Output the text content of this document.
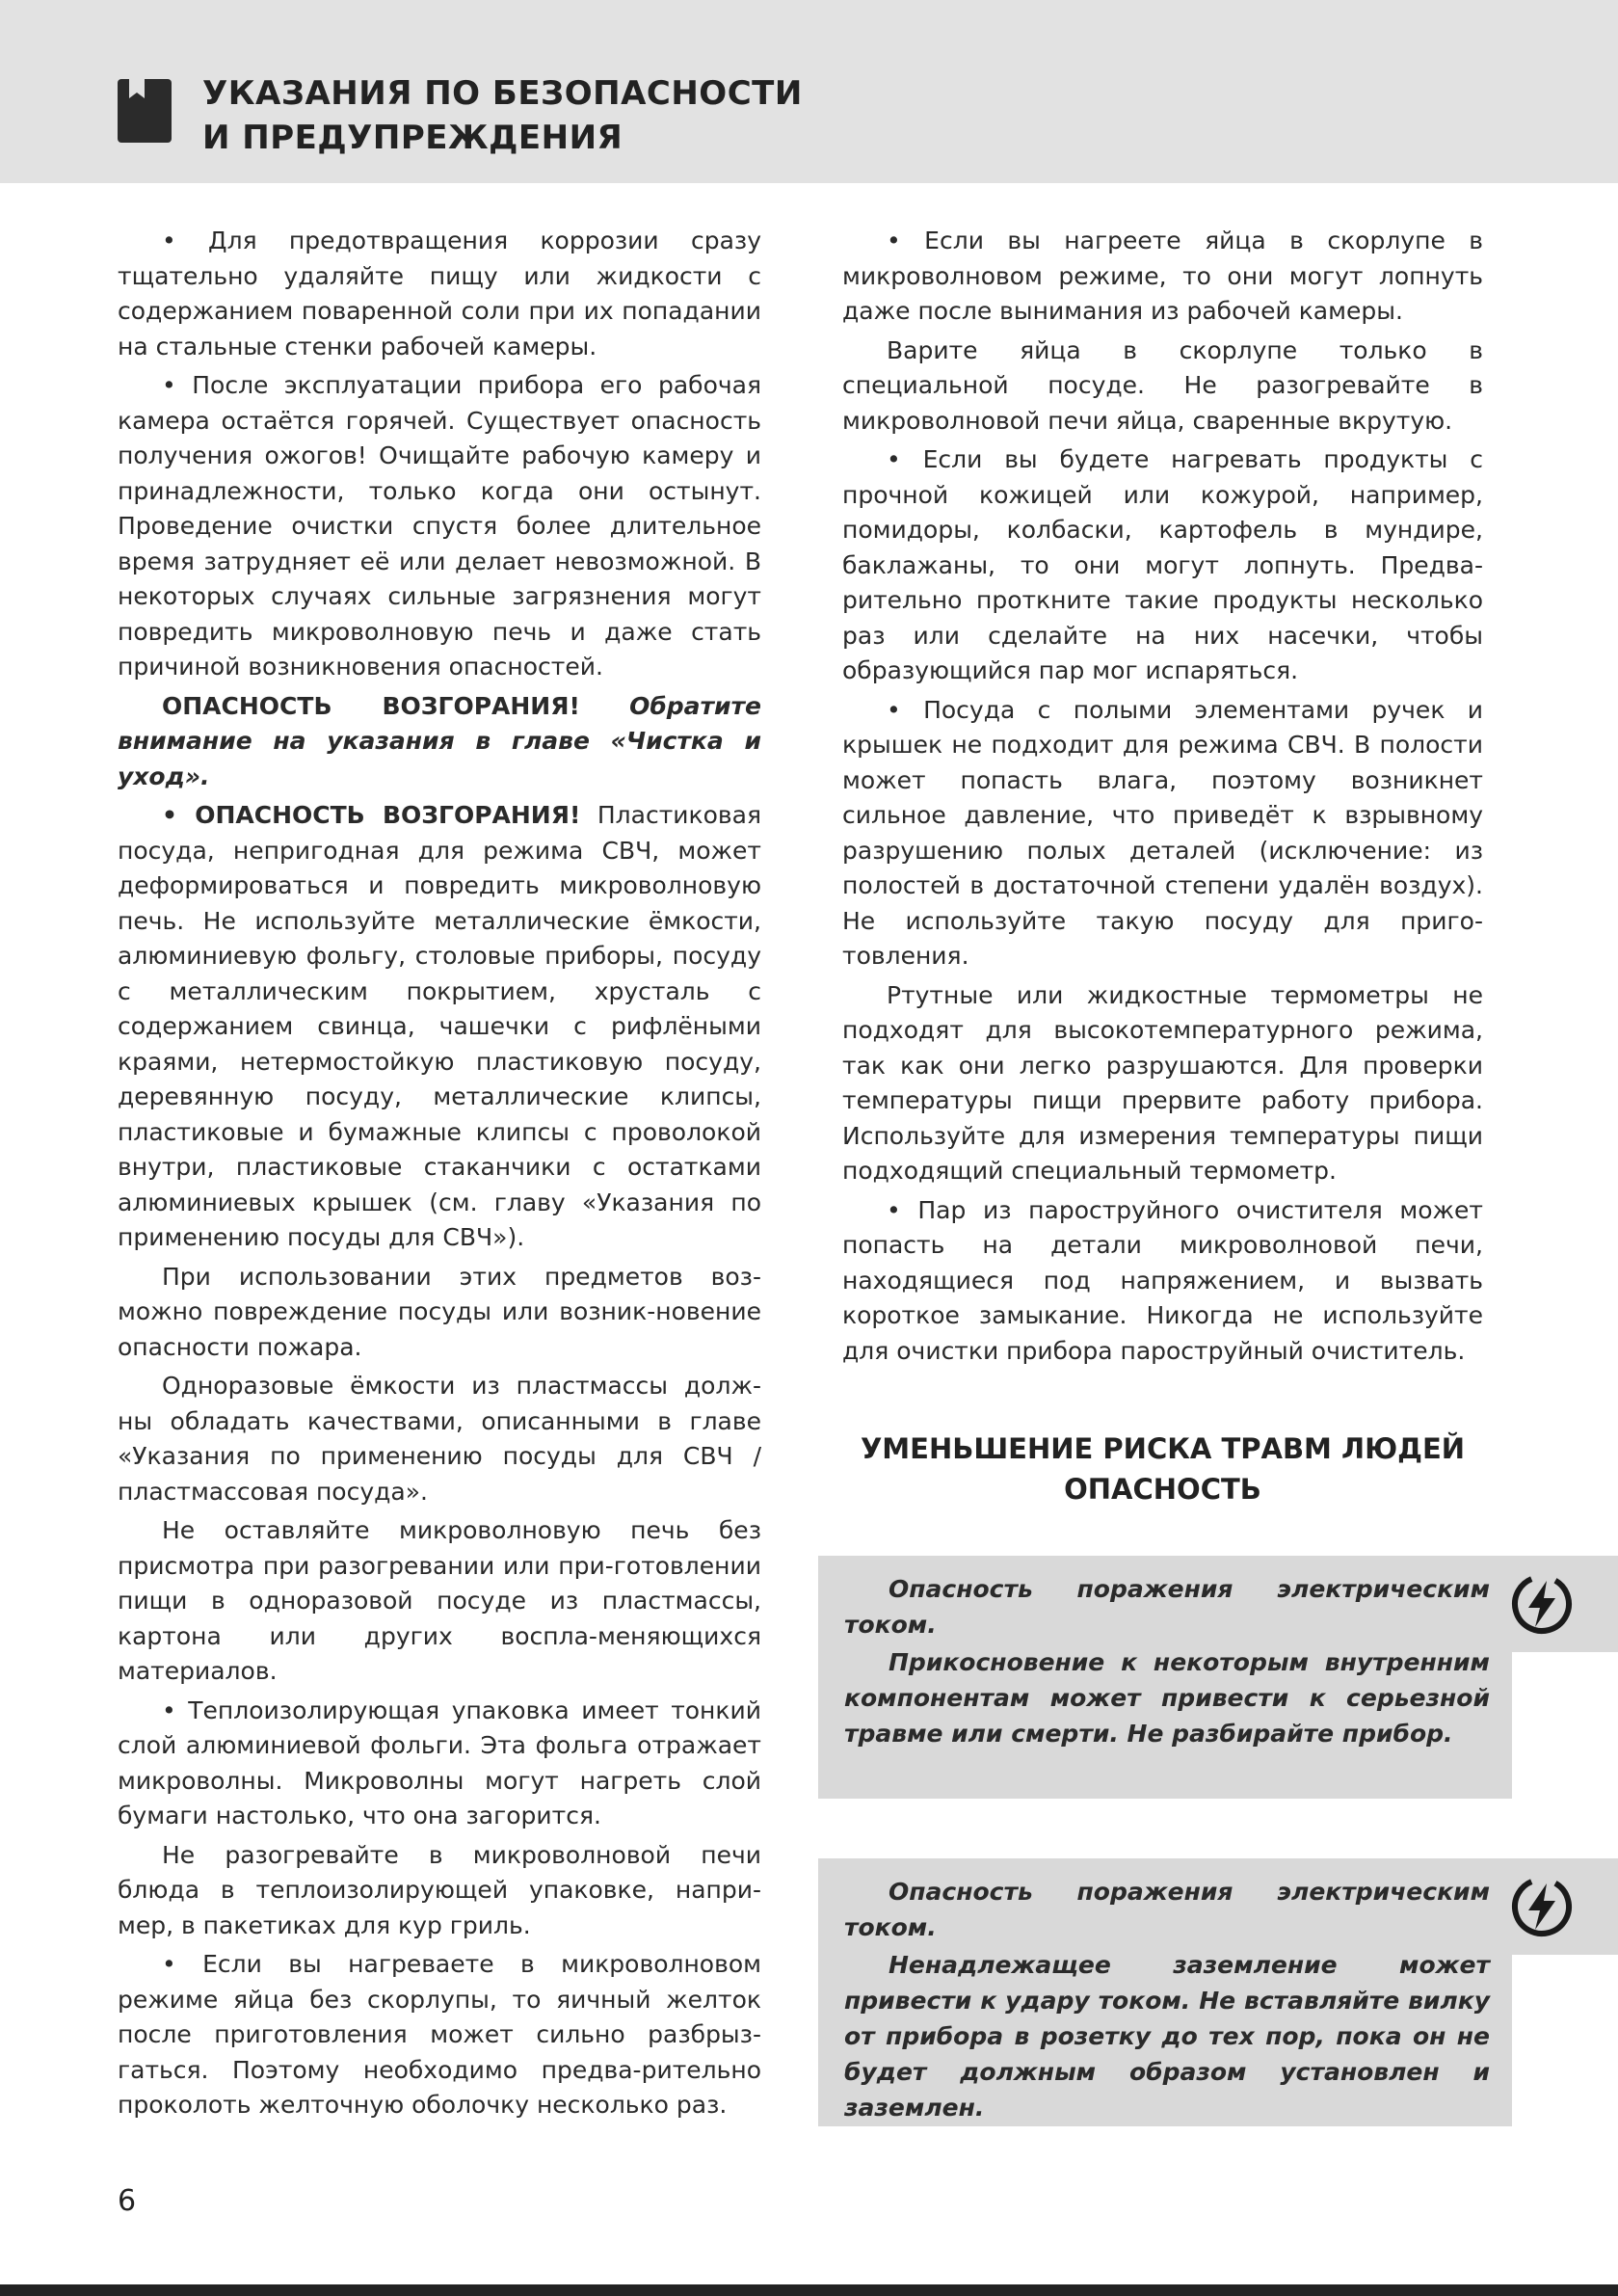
УКАЗАНИЯ ПО БЕЗОПАСНОСТИ
И ПРЕДУПРЕЖДЕНИЯ

• Для предотвращения коррозии сразу тщательно удаляйте пищу или жидкости с содержанием поваренной соли при их попадании на стальные стенки рабочей камеры.

• После эксплуатации прибора его рабочая камера остаётся горячей. Существует опасность получения ожогов! Очищайте рабочую камеру и принадлежности, только когда они остынут. Проведение очистки спустя более длительное время затрудняет её или делает невозможной. В некоторых случаях сильные загрязнения могут повредить микроволновую печь и даже стать причиной возникновения опасностей.

ОПАСНОСТЬ ВОЗГОРАНИЯ! Обратите внимание на указания в главе «Чистка и уход».

• ОПАСНОСТЬ ВОЗГОРАНИЯ! Пластиковая посуда, непригодная для режима СВЧ, может деформироваться и повредить микроволновую печь. Не используйте металлические ёмкости, алюминиевую фольгу, столовые приборы, посуду с металлическим покрытием, хрусталь с содержанием свинца, чашечки с рифлёными краями, нетермостойкую пластиковую посуду, деревянную посуду, металлические клипсы, пластиковые и бумажные клипсы с проволокой внутри, пластиковые стаканчики с остатками алюминиевых крышек (см. главу «Указания по применению посуды для СВЧ»).

При использовании этих предметов воз-можно повреждение посуды или возник-новение опасности пожара.

Одноразовые ёмкости из пластмассы долж-ны обладать качествами, описанными в главе «Указания по применению посуды для СВЧ / пластмассовая посуда».

Не оставляйте микроволновую печь без присмотра при разогревании или при-готовлении пищи в одноразовой посуде из пластмассы, картона или других воспла-меняющихся материалов.

• Теплоизолирующая упаковка имеет тонкий слой алюминиевой фольги. Эта фольга отражает микроволны. Микроволны могут нагреть слой бумаги настолько, что она загорится.

Не разогревайте в микроволновой печи блюда в теплоизолирующей упаковке, напри-мер, в пакетиках для кур гриль.

• Если вы нагреваете в микроволновом режиме яйца без скорлупы, то яичный желток после приготовления может сильно разбрыз-гаться. Поэтому необходимо предва-рительно проколоть желточную оболочку несколько раз.

• Если вы нагреете яйца в скорлупе в микроволновом режиме, то они могут лопнуть даже после вынимания из рабочей камеры.

Варите яйца в скорлупе только в специальной посуде. Не разогревайте в микроволновой печи яйца, сваренные вкрутую.

• Если вы будете нагревать продукты с прочной кожицей или кожурой, например, помидоры, колбаски, картофель в мундире, баклажаны, то они могут лопнуть. Предва-рительно проткните такие продукты несколько раз или сделайте на них насечки, чтобы образующийся пар мог испаряться.

• Посуда с полыми элементами ручек и крышек не подходит для режима СВЧ. В полости может попасть влага, поэтому возникнет сильное давление, что приведёт к взрывному разрушению полых деталей (исключение: из полостей в достаточной степени удалён воздух). Не используйте такую посуду для приго-товления.

Ртутные или жидкостные термометры не подходят для высокотемпературного режима, так как они легко разрушаются. Для проверки температуры пищи прервите работу прибора. Используйте для измерения температуры пищи подходящий специальный термометр.

• Пар из пароструйного очистителя может попасть на детали микроволновой печи, находящиеся под напряжением, и вызвать короткое замыкание. Никогда не используйте для очистки прибора пароструйный очиститель.

УМЕНЬШЕНИЕ РИСКА ТРАВМ ЛЮДЕЙ
ОПАСНОСТЬ

Опасность поражения электрическим током.

Прикосновение к некоторым внутренним компонентам может привести к серьезной травме или смерти. Не разбирайте прибор.

Опасность поражения электрическим током.

Ненадлежащее заземление может привести к удару током. Не вставляйте вилку от прибора в розетку до тех пор, пока он не будет должным образом установлен и заземлен.

6
